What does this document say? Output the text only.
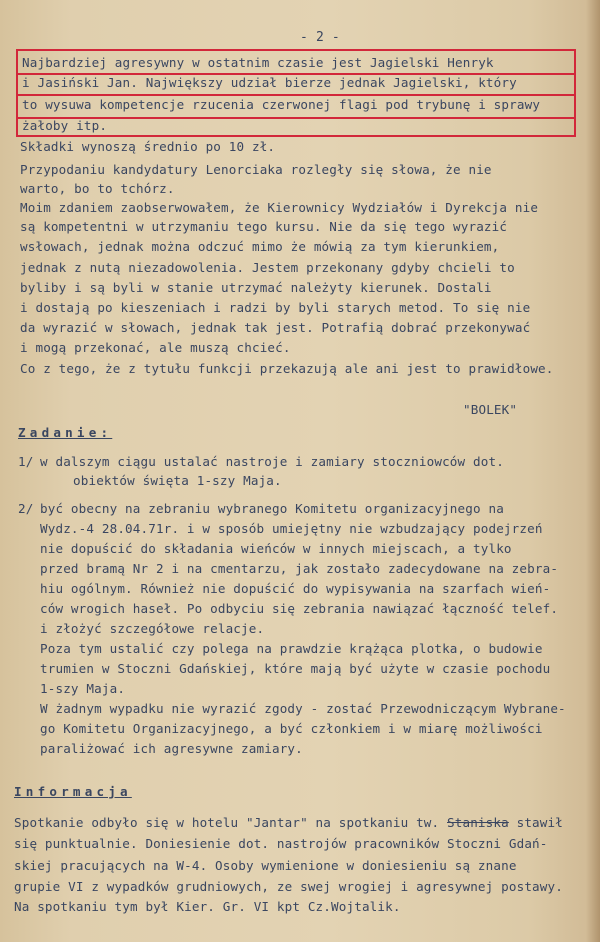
- 2 -
Najbardziej agresywny w ostatnim czasie jest Jagielski Henryk
i Jasiński Jan. Największy udział bierze jednak Jagielski, który
to wysuwa kompetencje rzucenia czerwonej flagi pod trybunę i sprawy
żałoby itp.
Składki wynoszą średnio po 10 zł.
Przypodaniu kandydatury Lenorciaka rozległy się słowa, że nie
warto, bo to tchórz.
Moim zdaniem zaobserwowałem, że Kierownicy Wydziałów i Dyrekcja nie
są kompetentni w utrzymaniu tego kursu. Nie da się tego wyrazić
wsłowach, jednak można odczuć mimo że mówią za tym kierunkiem,
jednak z nutą niezadowolenia. Jestem przekonany gdyby chcieli to
byliby i są byli w stanie utrzymać należyty kierunek. Dostali
i dostają po kieszeniach i radzi by byli starych metod. To się nie
da wyrazić w słowach, jednak tak jest. Potrafią dobrać przekonywać
i mogą przekonać, ale muszą chcieć.
Co z tego, że z tytułu funkcji przekazują ale ani jest to prawidłowe.
"BOLEK"
Zadanie:
1/ w dalszym ciągu ustalać nastroje i zamiary stoczniowców dot.
obiektów święta 1-szy Maja.
2/ być obecny na zebraniu wybranego Komitetu organizacyjnego na
Wydz.-4 28.04.71r. i w sposób umiejętny nie wzbudzający podejrzeń
nie dopuścić do składania wieńców w innych miejscach, a tylko
przed bramą Nr 2 i na cmentarzu, jak zostało zadecydowane na zebra-
hiu ogólnym. Również nie dopuścić do wypisywania na szarfach wień-
ców wrogich haseł. Po odbyciu się zebrania nawiązać łączność telef.
i złożyć szczegółowe relacje.
Poza tym ustalić czy polega na prawdzie krążąca plotka, o budowie
trumien w Stoczni Gdańskiej, które mają być użyte w czasie pochodu
1-szy Maja.
W żadnym wypadku nie wyrazić zgody - zostać Przewodniczącym Wybrane-
go Komitetu Organizacyjnego, a być członkiem i w miarę możliwości
paraliżować ich agresywne zamiary.
Informacja
Spotkanie odbyło się w hotelu "Jantar" na spotkaniu tw. Staniska stawił
się punktualnie. Doniesienie dot. nastrojów pracowników Stoczni Gdań-
skiej pracujących na W-4. Osoby wymienione w doniesieniu są znane
grupie VI z wypadków grudniowych, ze swej wrogiej i agresywnej postawy.
Na spotkaniu tym był Kier. Gr. VI kpt Cz.Wojtalik.
